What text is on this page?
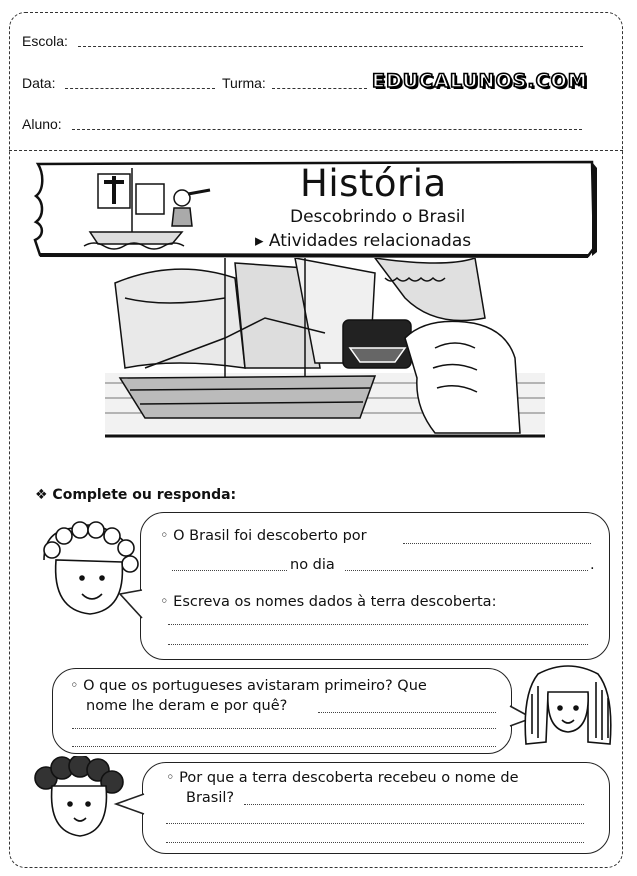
Escola:
Data:	Turma:	EDUCALUNOS.COM
Aluno:
História
Descobrindo o Brasil
▸ Atividades relacionadas
❖ Complete ou responda:
◦ O Brasil foi descoberto por
no dia	.
◦ Escreva os nomes dados à terra descoberta:
◦ O que os portugueses avistaram primeiro? Que
nome lhe deram e por quê?
◦ Por que a terra descoberta recebeu o nome de
Brasil?
